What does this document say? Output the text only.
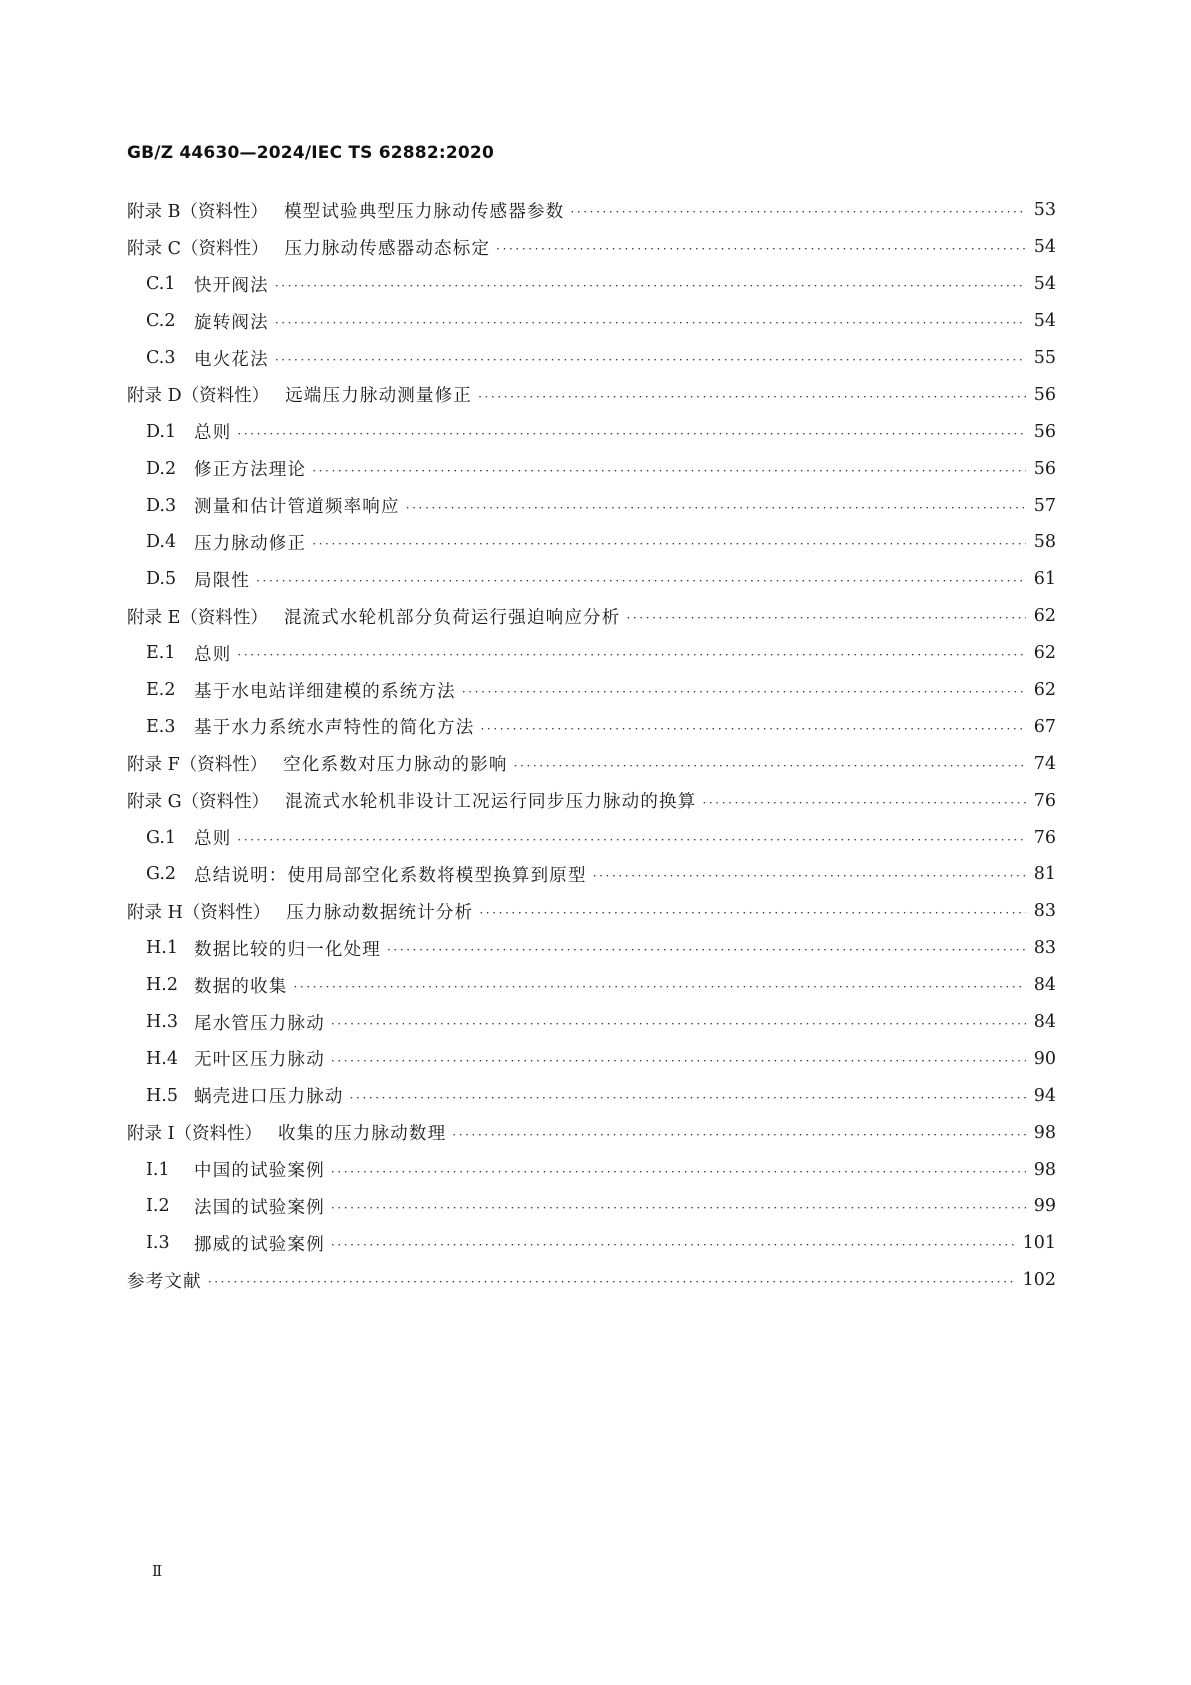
GB/Z 44630—2024/IEC TS 62882:2020
附录 B（资料性） 模型试验典型压力脉动传感器参数 ·····	53
附录 C（资料性） 压力脉动传感器动态标定 ·····	54
C.1 快开阀法 ·····	54
C.2 旋转阀法 ·····	54
C.3 电火花法 ·····	55
附录 D（资料性） 远端压力脉动测量修正 ·····	56
D.1 总则 ·····	56
D.2 修正方法理论 ·····	56
D.3 测量和估计管道频率响应 ·····	57
D.4 压力脉动修正 ·····	58
D.5 局限性 ·····	61
附录 E（资料性） 混流式水轮机部分负荷运行强迫响应分析 ·····	62
E.1 总则 ·····	62
E.2 基于水电站详细建模的系统方法 ·····	62
E.3 基于水力系统水声特性的简化方法 ·····	67
附录 F（资料性） 空化系数对压力脉动的影响 ·····	74
附录 G（资料性） 混流式水轮机非设计工况运行同步压力脉动的换算 ·····	76
G.1 总则 ·····	76
G.2 总结说明：使用局部空化系数将模型换算到原型 ·····	81
附录 H（资料性） 压力脉动数据统计分析 ·····	83
H.1 数据比较的归一化处理 ·····	83
H.2 数据的收集 ·····	84
H.3 尾水管压力脉动 ·····	84
H.4 无叶区压力脉动 ·····	90
H.5 蜗壳进口压力脉动 ·····	94
附录 I（资料性） 收集的压力脉动数理 ·····	98
I.1	中国的试验案例 ·····	98
I.2	法国的试验案例 ·····	99
I.3	挪威的试验案例 ·····	101
参考文献 ·····	102
Ⅱ
